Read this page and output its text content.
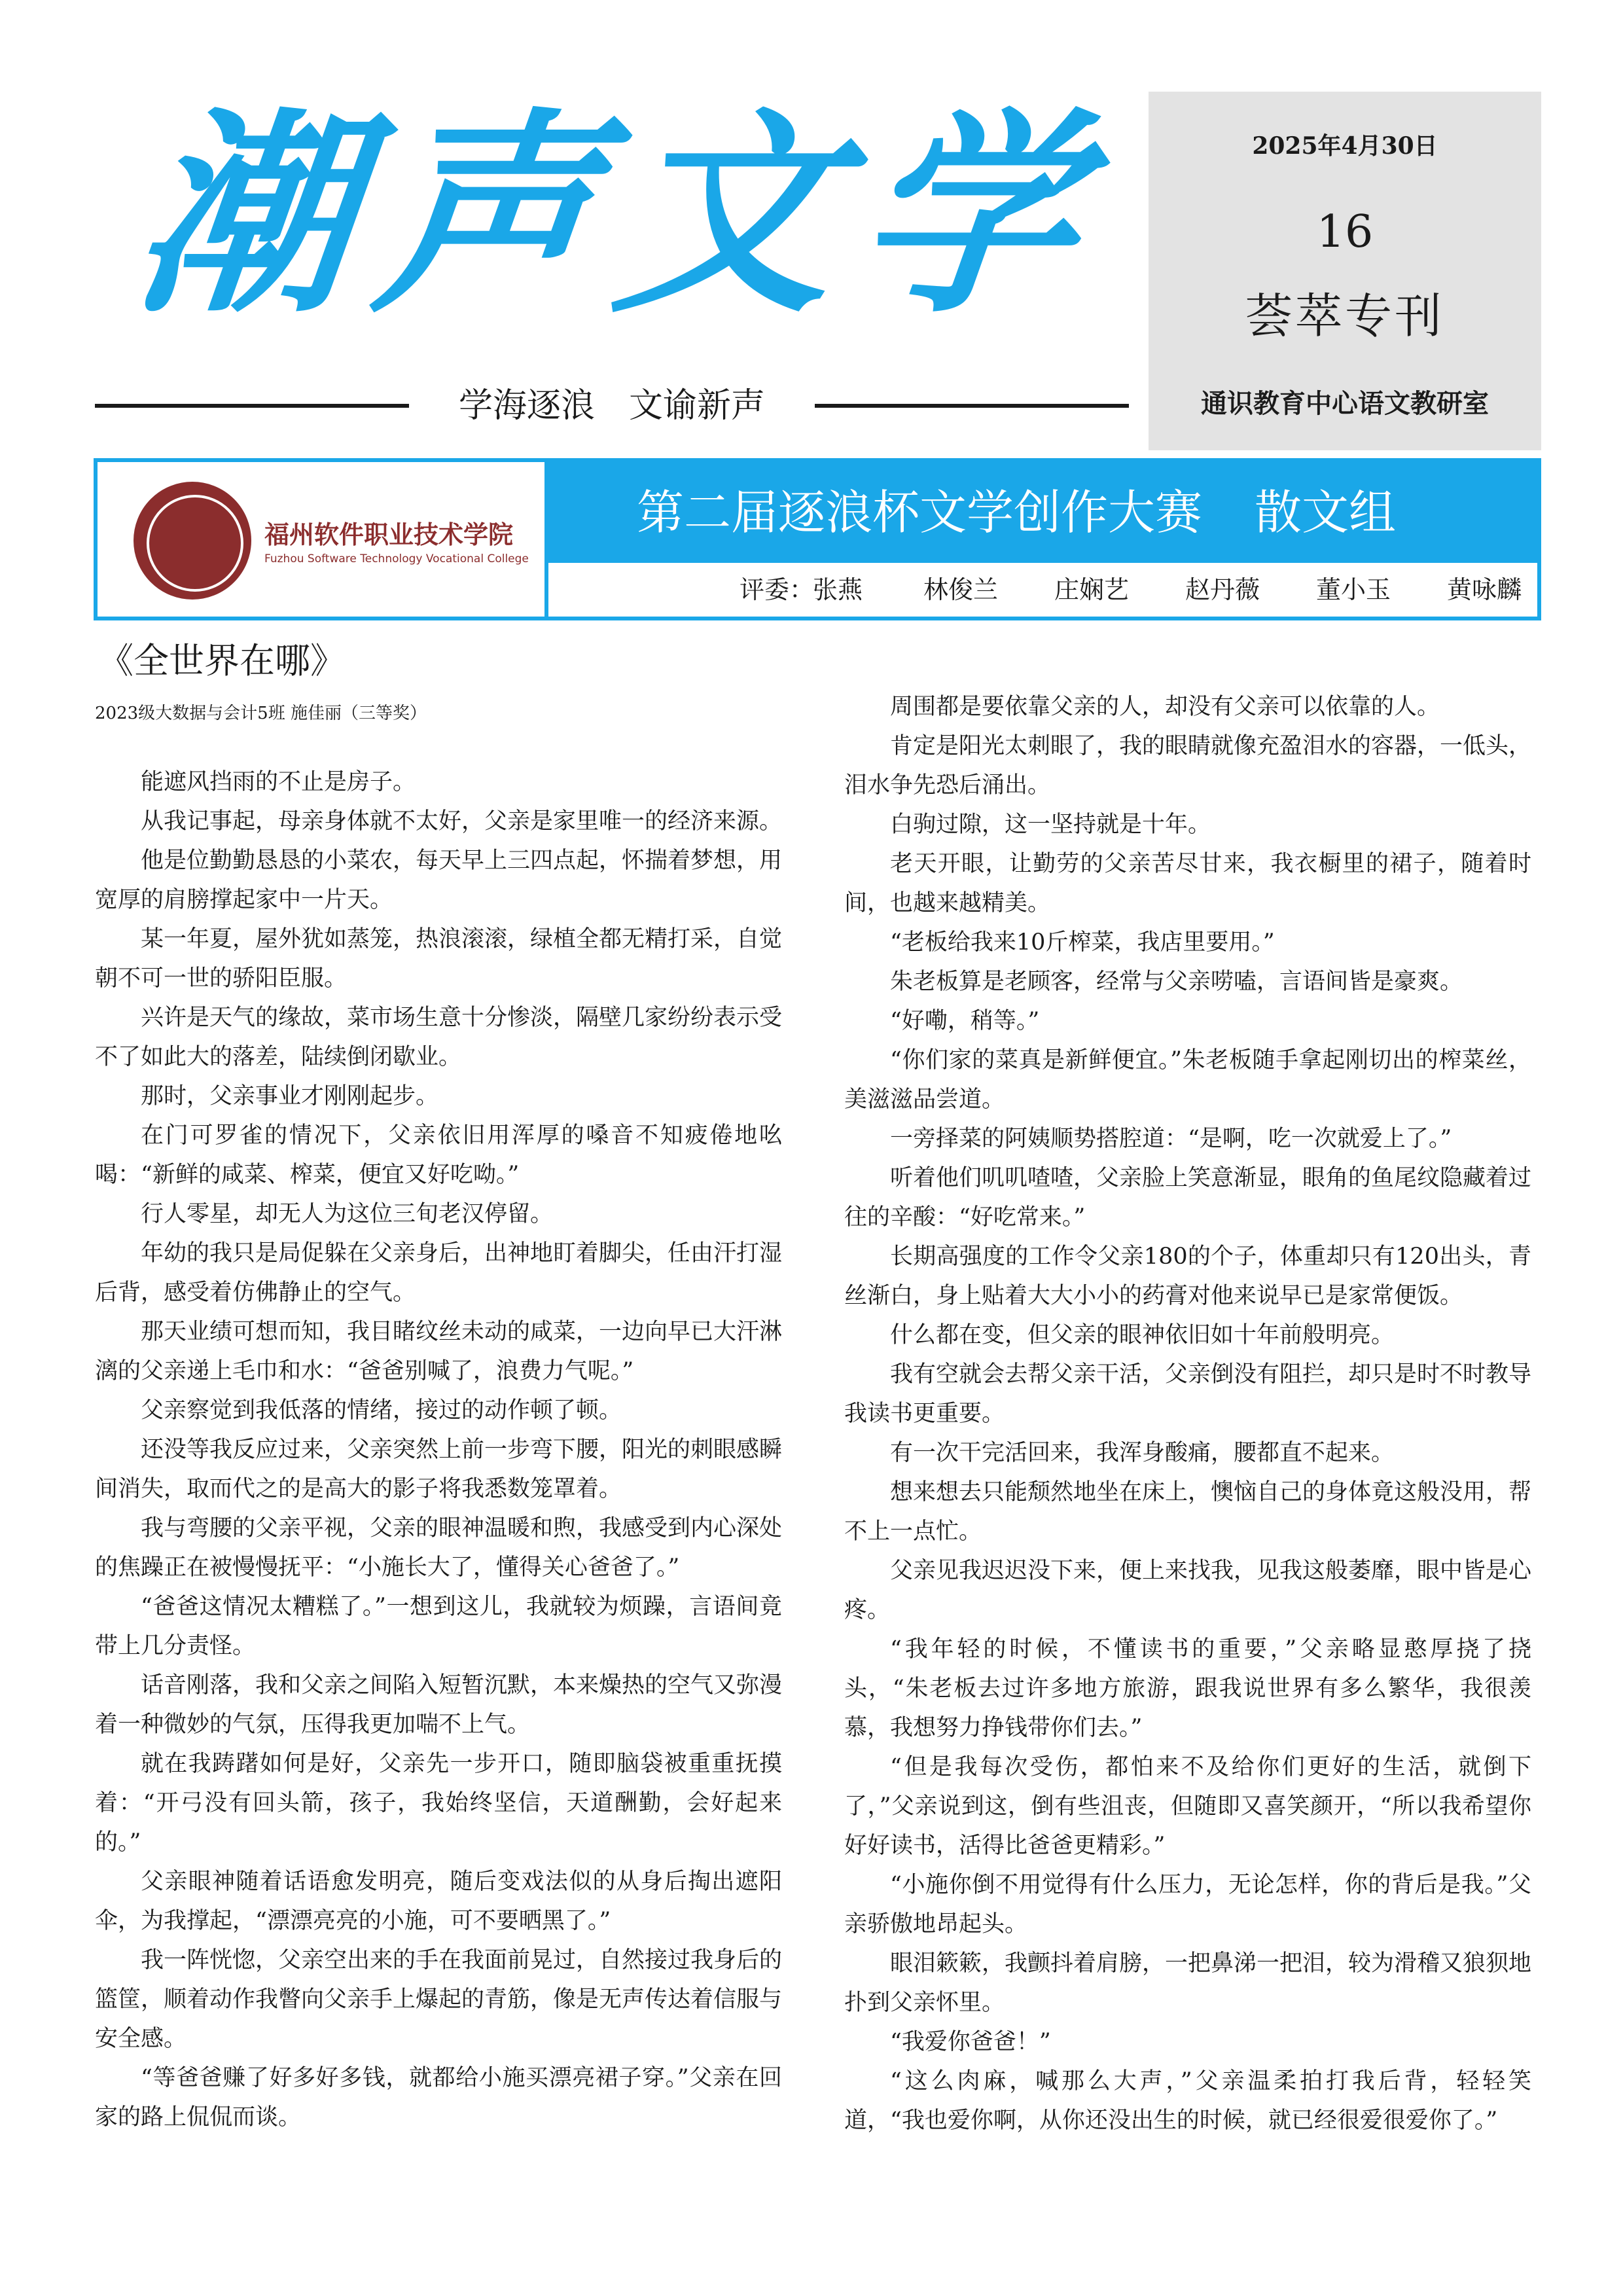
潮声文学
学海逐浪　文谕新声
2025年4月30日
16
荟萃专刊
通识教育中心语文教研室
福州软件职业技术学院
Fuzhou Software Technology Vocational College
第二届逐浪杯文学创作大赛 散文组
评委：
张燕 林俊兰 庄娴艺 赵丹薇 董小玉 黄咏麟
《全世界在哪》
2023级大数据与会计5班 施佳丽（三等奖）

能遮风挡雨的不止是房子。

从我记事起，母亲身体就不太好，父亲是家里唯一的经济来源。

他是位勤勤恳恳的小菜农，每天早上三四点起，怀揣着梦想，用宽厚的肩膀撑起家中一片天。

某一年夏，屋外犹如蒸笼，热浪滚滚，绿植全都无精打采，自觉朝不可一世的骄阳臣服。

兴许是天气的缘故，菜市场生意十分惨淡，隔壁几家纷纷表示受不了如此大的落差，陆续倒闭歇业。

那时，父亲事业才刚刚起步。

在门可罗雀的情况下，父亲依旧用浑厚的嗓音不知疲倦地吆喝：“新鲜的咸菜、榨菜，便宜又好吃呦。”

行人零星，却无人为这位三旬老汉停留。

年幼的我只是局促躲在父亲身后，出神地盯着脚尖，任由汗打湿后背，感受着仿佛静止的空气。

那天业绩可想而知，我目睹纹丝未动的咸菜，一边向早已大汗淋漓的父亲递上毛巾和水：“爸爸别喊了，浪费力气呢。”

父亲察觉到我低落的情绪，接过的动作顿了顿。

还没等我反应过来，父亲突然上前一步弯下腰，阳光的刺眼感瞬间消失，取而代之的是高大的影子将我悉数笼罩着。

我与弯腰的父亲平视，父亲的眼神温暖和煦，我感受到内心深处的焦躁正在被慢慢抚平：“小施长大了，懂得关心爸爸了。”

“爸爸这情况太糟糕了。”一想到这儿，我就较为烦躁，言语间竟带上几分责怪。

话音刚落，我和父亲之间陷入短暂沉默，本来燥热的空气又弥漫着一种微妙的气氛，压得我更加喘不上气。

就在我踌躇如何是好，父亲先一步开口，随即脑袋被重重抚摸着：“开弓没有回头箭，孩子，我始终坚信，天道酬勤，会好起来的。”

父亲眼神随着话语愈发明亮，随后变戏法似的从身后掏出遮阳伞，为我撑起，“漂漂亮亮的小施，可不要晒黑了。”

我一阵恍惚，父亲空出来的手在我面前晃过，自然接过我身后的篮筐，顺着动作我瞥向父亲手上爆起的青筋，像是无声传达着信服与安全感。

“等爸爸赚了好多好多钱，就都给小施买漂亮裙子穿。”父亲在回家的路上侃侃而谈。

周围都是要依靠父亲的人，却没有父亲可以依靠的人。

肯定是阳光太刺眼了，我的眼睛就像充盈泪水的容器，一低头，泪水争先恐后涌出。

白驹过隙，这一坚持就是十年。

老天开眼，让勤劳的父亲苦尽甘来，我衣橱里的裙子，随着时间，也越来越精美。

“老板给我来10斤榨菜，我店里要用。”

朱老板算是老顾客，经常与父亲唠嗑，言语间皆是豪爽。

“好嘞，稍等。”

“你们家的菜真是新鲜便宜。”朱老板随手拿起刚切出的榨菜丝，美滋滋品尝道。

一旁择菜的阿姨顺势搭腔道：“是啊，吃一次就爱上了。”

听着他们叽叽喳喳，父亲脸上笑意渐显，眼角的鱼尾纹隐藏着过往的辛酸：“好吃常来。”

长期高强度的工作令父亲180的个子，体重却只有120出头，青丝渐白，身上贴着大大小小的药膏对他来说早已是家常便饭。

什么都在变，但父亲的眼神依旧如十年前般明亮。

我有空就会去帮父亲干活，父亲倒没有阻拦，却只是时不时教导我读书更重要。

有一次干完活回来，我浑身酸痛，腰都直不起来。

想来想去只能颓然地坐在床上，懊恼自己的身体竟这般没用，帮不上一点忙。

父亲见我迟迟没下来，便上来找我，见我这般萎靡，眼中皆是心疼。

“我年轻的时候，不懂读书的重要，”父亲略显憨厚挠了挠头，“朱老板去过许多地方旅游，跟我说世界有多么繁华，我很羡慕，我想努力挣钱带你们去。”

“但是我每次受伤，都怕来不及给你们更好的生活，就倒下了，”父亲说到这，倒有些沮丧，但随即又喜笑颜开，“所以我希望你好好读书，活得比爸爸更精彩。”

“小施你倒不用觉得有什么压力，无论怎样，你的背后是我。”父亲骄傲地昂起头。

眼泪簌簌，我颤抖着肩膀，一把鼻涕一把泪，较为滑稽又狼狈地扑到父亲怀里。

“我爱你爸爸！”

“这么肉麻，喊那么大声，”父亲温柔拍打我后背，轻轻笑道，“我也爱你啊，从你还没出生的时候，就已经很爱很爱你了。”
